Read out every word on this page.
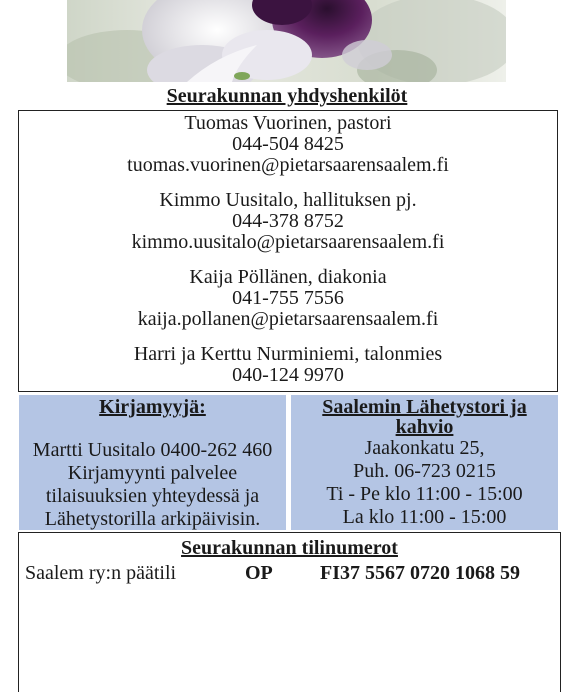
Seurakunnan yhdyshenkilöt
Tuomas Vuorinen, pastori
044-504 8425
tuomas.vuorinen@pietarsaarensaalem.fi
Kimmo Uusitalo, hallituksen pj.
044-378 8752
kimmo.uusitalo@pietarsaarensaalem.fi
Kaija Pöllänen, diakonia
041-755 7556
kaija.pollanen@pietarsaarensaalem.fi
Harri ja Kerttu Nurminiemi, talonmies
040-124 9970
Kirjamyyjä:
Martti Uusitalo 0400-262 460
Kirjamyynti palvelee
tilaisuuksien yhteydessä ja
Lähetystorilla arkipäivisin.
Saalemin Lähetystori ja
kahvio
Jaakonkatu 25,
Puh. 06-723 0215
Ti - Pe klo 11:00 - 15:00
La klo 11:00 - 15:00
Seurakunnan tilinumerot
Saalem ry:n päätili	OP FI37 5567 0720 1068 59
